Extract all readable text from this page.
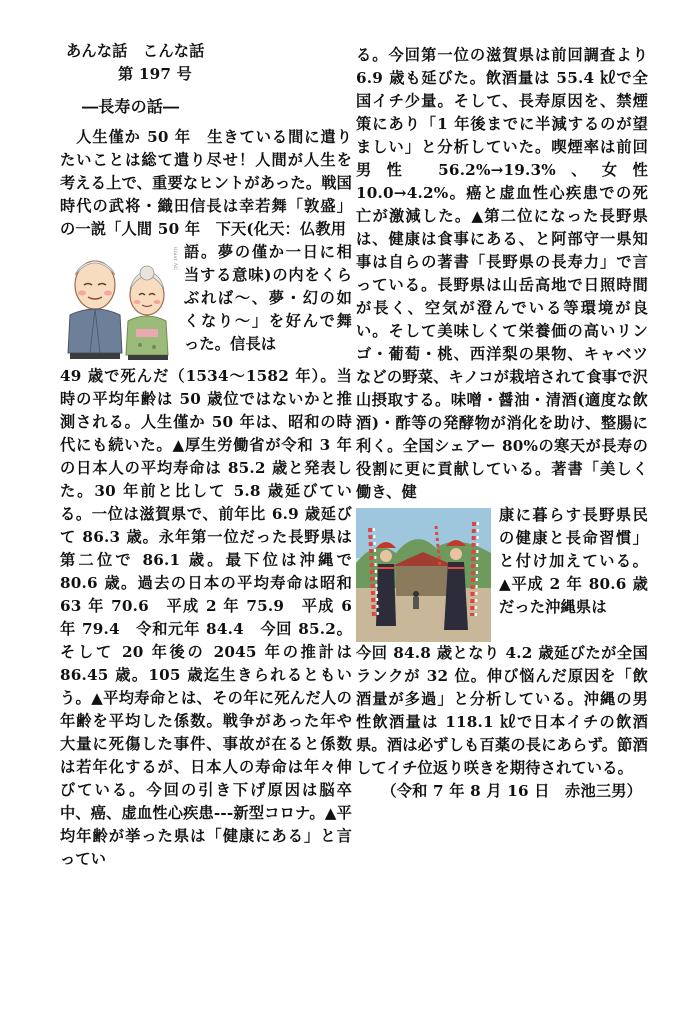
あんな話　こんな話
第 197 号
―長寿の話―
　人生僅か 50 年　生きている間に遣りたいことは総て遣り尽せ！人間が人生を考える上で、重要なヒントがあった。戦国時代の武将・織田信長は幸若舞「敦盛」の一説「人間 50 年　下天(化天：仏教用
illust AC 語。夢の僅か一日に相当する意味)の内をくらぶれば～、夢・幻の如くなり～」を好んで舞った。信長は
49 歳で死んだ（1534～1582 年）。当時の平均年齢は 50 歳位ではないかと推測される。人生僅か 50 年は、昭和の時代にも続いた。▲厚生労働省が令和 3 年の日本人の平均寿命は 85.2 歳と発表した。30 年前と比して 5.8 歳延びている。一位は滋賀県で、前年比 6.9 歳延びて 86.3 歳。永年第一位だった長野県は第二位で 86.1 歳。最下位は沖縄で 80.6 歳。過去の日本の平均寿命は昭和 63 年 70.6　平成 2 年 75.9　平成 6 年 79.4　令和元年 84.4　今回 85.2。そして 20 年後の 2045 年の推計は 86.45 歳。105 歳迄生きられるともいう。▲平均寿命とは、その年に死んだ人の年齢を平均した係数。戦争があった年や大量に死傷した事件、事故が在ると係数は若年化するが、日本人の寿命は年々伸びている。今回の引き下げ原因は脳卒中、癌、虚血性心疾患---新型コロナ。▲平均年齢が挙った県は「健康にある」と言ってい
る。今回第一位の滋賀県は前回調査より 6.9 歳も延びた。飲酒量は 55.4 ㎘で全国イチ少量。そして、長寿原因を、禁煙策にあり「1 年後までに半減するのが望ましい」と分析していた。喫煙率は前回男性 56.2%→19.3%、女性 10.0→4.2%。癌と虚血性心疾患での死亡が激減した。▲第二位になった長野県は、健康は食事にある、と阿部守一県知事は自らの著書「長野県の長寿力」で言っている。長野県は山岳高地で日照時間が長く、空気が澄んでいる等環境が良い。そして美味しくて栄養価の高いリンゴ・葡萄・桃、西洋梨の果物、キャベツなどの野菜、キノコが栽培されて食事で沢山摂取する。味噌・醤油・清酒(適度な飲酒)・酢等の発酵物が消化を助け、整腸に利く。全国シェアー 80%の寒天が長寿の役割に更に貢献している。著書「美しく働き、健
康に暮らす長野県民の健康と長命習慣」と付け加えている。▲平成 2 年 80.6 歳だった沖縄県は
今回 84.8 歳となり 4.2 歳延びたが全国ランクが 32 位。伸び悩んだ原因を「飲酒量が多過」と分析している。沖縄の男性飲酒量は 118.1 ㎘で日本イチの飲酒県。酒は必ずしも百薬の長にあらず。節酒してイチ位返り咲きを期待されている。
（令和 7 年 8 月 16 日　赤池三男）
